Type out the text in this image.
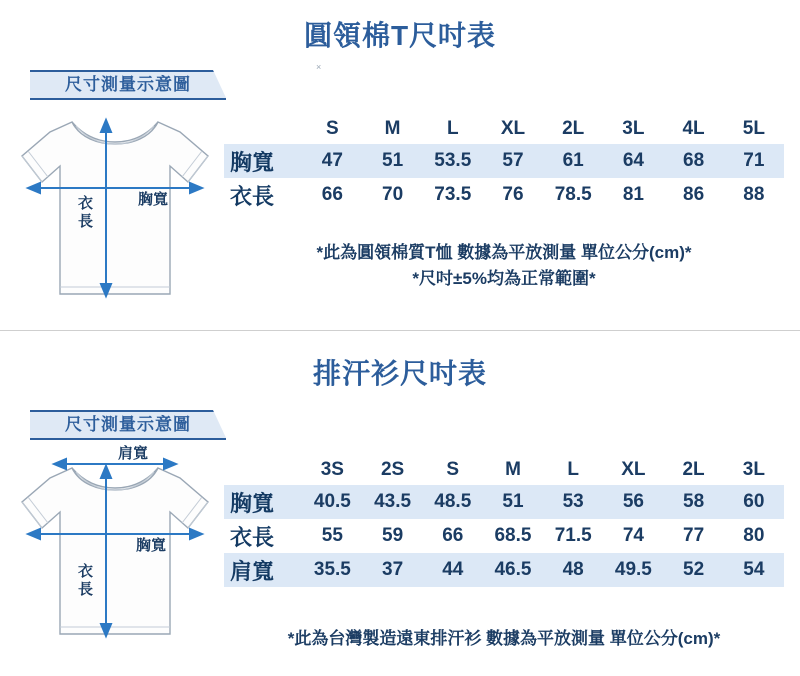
圓領棉T尺吋表
×
尺寸測量示意圖
胸寬
衣
長
	S	M	L	XL	2L	3L	4L	5L
胸寬	47	51	53.5	57	61	64	68	71
衣長	66	70	73.5	76	78.5	81	86	88
*此為圓領棉質T恤 數據為平放測量 單位公分(cm)*
*尺吋±5%均為正常範圍*
排汗衫尺吋表
尺寸測量示意圖
肩寬
胸寬
衣
長
	3S	2S	S	M	L	XL	2L	3L
胸寬	40.5	43.5	48.5	51	53	56	58	60
衣長	55	59	66	68.5	71.5	74	77	80
肩寬	35.5	37	44	46.5	48	49.5	52	54
*此為台灣製造遠東排汗衫 數據為平放測量 單位公分(cm)*
